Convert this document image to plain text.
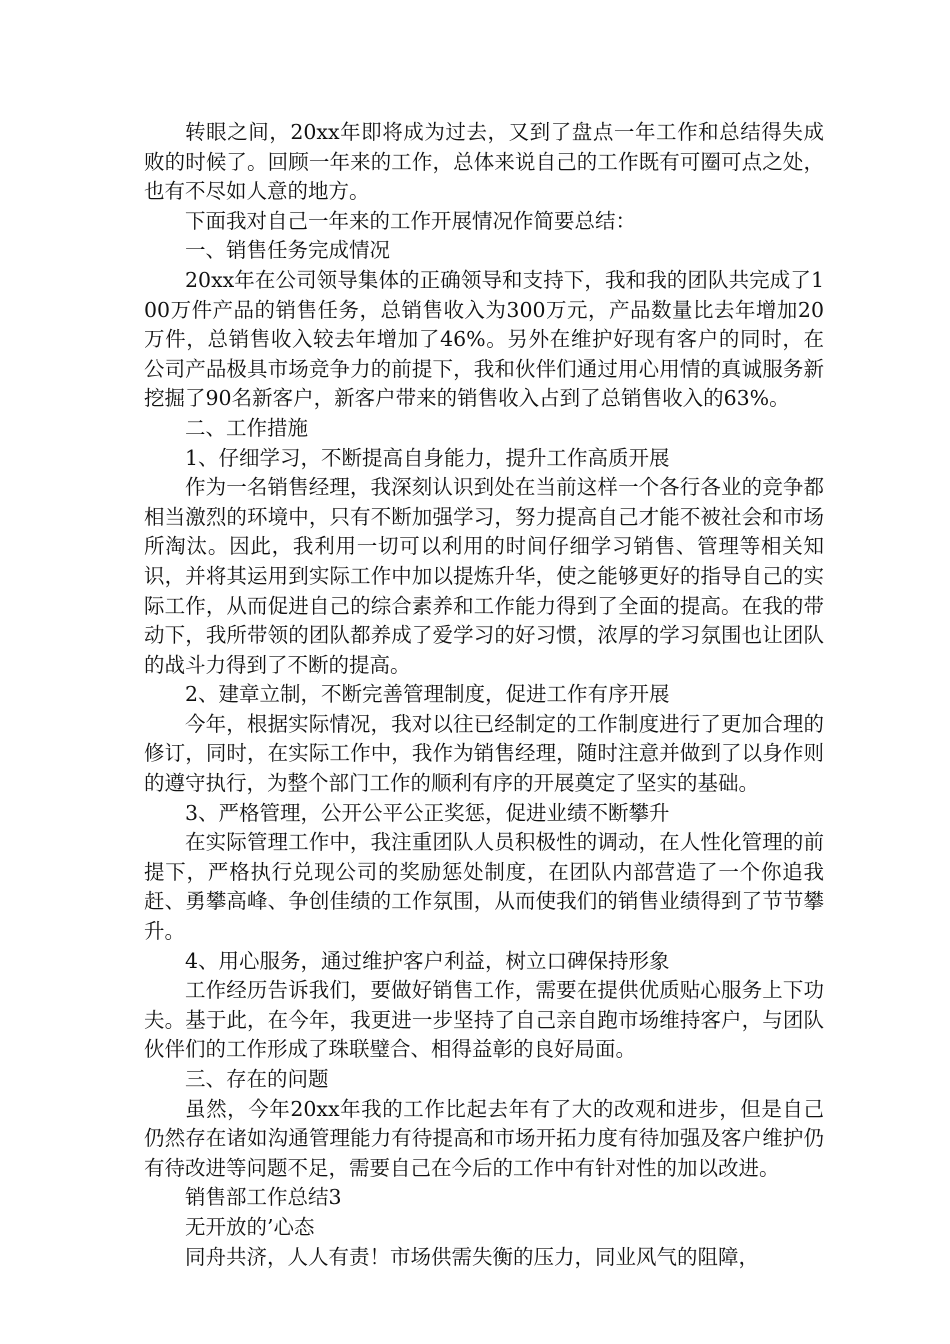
转眼之间，20xx年即将成为过去，又到了盘点一年工作和总结得失成败的时候了。回顾一年来的工作，总体来说自己的工作既有可圈可点之处，也有不尽如人意的地方。

下面我对自己一年来的工作开展情况作简要总结：

一、销售任务完成情况

20xx年在公司领导集体的正确领导和支持下，我和我的团队共完成了100万件产品的销售任务，总销售收入为300万元，产品数量比去年增加20万件，总销售收入较去年增加了46%。另外在维护好现有客户的同时，在公司产品极具市场竞争力的前提下，我和伙伴们通过用心用情的真诚服务新挖掘了90名新客户，新客户带来的销售收入占到了总销售收入的63%。

二、工作措施

1、仔细学习，不断提高自身能力，提升工作高质开展

作为一名销售经理，我深刻认识到处在当前这样一个各行各业的竞争都相当激烈的环境中，只有不断加强学习，努力提高自己才能不被社会和市场所淘汰。因此，我利用一切可以利用的时间仔细学习销售、管理等相关知识，并将其运用到实际工作中加以提炼升华，使之能够更好的指导自己的实际工作，从而促进自己的综合素养和工作能力得到了全面的提高。在我的带动下，我所带领的团队都养成了爱学习的好习惯，浓厚的学习氛围也让团队的战斗力得到了不断的提高。

2、建章立制，不断完善管理制度，促进工作有序开展

今年，根据实际情况，我对以往已经制定的工作制度进行了更加合理的修订，同时，在实际工作中，我作为销售经理，随时注意并做到了以身作则的遵守执行，为整个部门工作的顺利有序的开展奠定了坚实的基础。

3、严格管理，公开公平公正奖惩，促进业绩不断攀升

在实际管理工作中，我注重团队人员积极性的调动，在人性化管理的前提下，严格执行兑现公司的奖励惩处制度，在团队内部营造了一个你追我赶、勇攀高峰、争创佳绩的工作氛围，从而使我们的销售业绩得到了节节攀升。

4、用心服务，通过维护客户利益，树立口碑保持形象

工作经历告诉我们，要做好销售工作，需要在提供优质贴心服务上下功夫。基于此，在今年，我更进一步坚持了自己亲自跑市场维持客户，与团队伙伴们的工作形成了珠联璧合、相得益彰的良好局面。

三、存在的问题

虽然，今年20xx年我的工作比起去年有了大的改观和进步，但是自己仍然存在诸如沟通管理能力有待提高和市场开拓力度有待加强及客户维护仍有待改进等问题不足，需要自己在今后的工作中有针对性的加以改进。

销售部工作总结3

无开放的’心态

同舟共济，人人有责！市场供需失衡的压力，同业风气的阻障，
